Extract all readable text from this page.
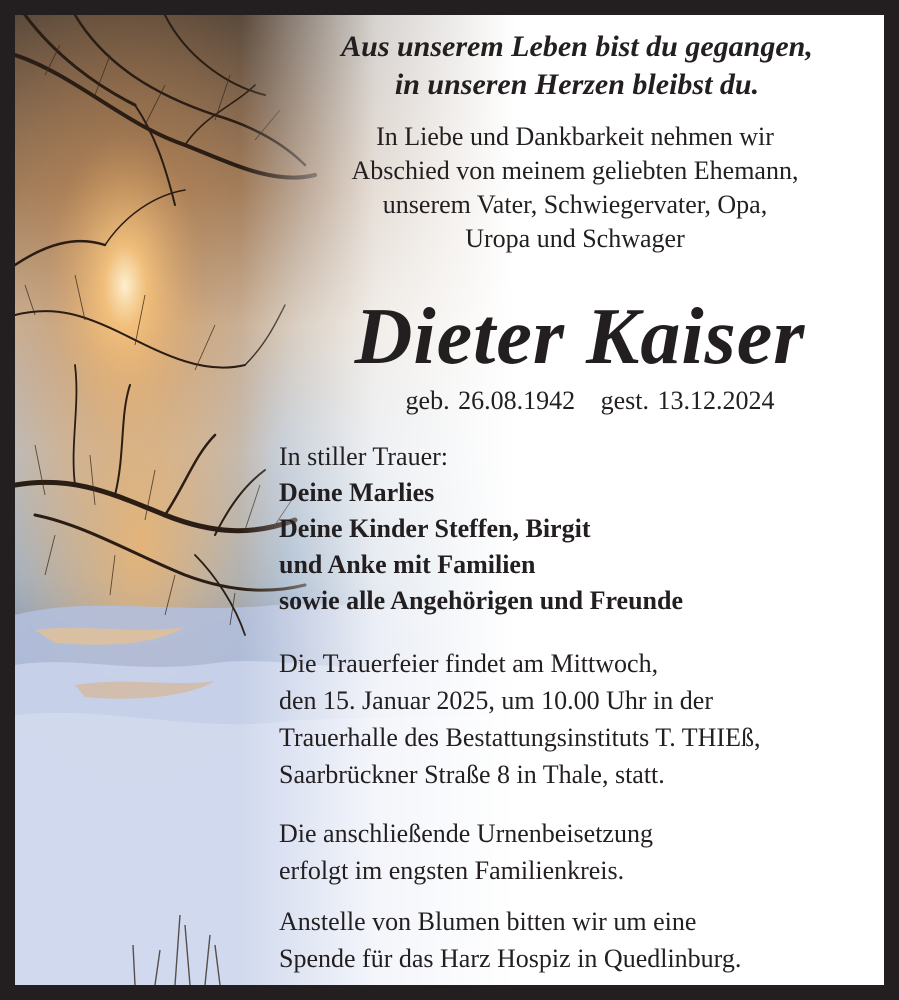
Aus unserem Leben bist du gegangen,
in unseren Herzen bleibst du.
In Liebe und Dankbarkeit nehmen wir
Abschied von meinem geliebten Ehemann,
unserem Vater, Schwiegervater, Opa,
Uropa und Schwager
Dieter Kaiser
geb. 26.08.1942 gest. 13.12.2024
In stiller Trauer:
Deine Marlies
Deine Kinder Steffen, Birgit
und Anke mit Familien
sowie alle Angehörigen und Freunde
Die Trauerfeier findet am Mittwoch,
den 15. Januar 2025, um 10.00 Uhr in der
Trauerhalle des Bestattungsinstituts T. THIEß,
Saarbrückner Straße 8 in Thale, statt.
Die anschließende Urnenbeisetzung
erfolgt im engsten Familienkreis.
Anstelle von Blumen bitten wir um eine
Spende für das Harz Hospiz in Quedlinburg.
